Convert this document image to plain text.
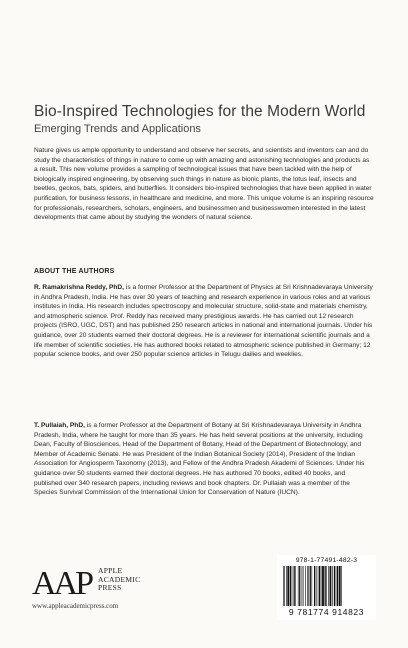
Bio-Inspired Technologies for the Modern World
Emerging Trends and Applications
Nature gives us ample opportunity to understand and observe her secrets, and scientists and inventors can and do study the characteristics of things in nature to come up with amazing and astonishing technologies and products as a result. This new volume provides a sampling of technological issues that have been tackled with the help of biologically inspired engineering, by observing such things in nature as bionic plants, the lotus leaf, insects and beetles, geckos, bats, spiders, and butterflies. It considers bio-inspired technologies that have been applied in water purification, for business lessons, in healthcare and medicine, and more. This unique volume is an inspiring resource for professionals, researchers, scholars, engineers, and businessmen and businesswomen interested in the latest developments that came about by studying the wonders of natural science.
ABOUT THE AUTHORS
R. Ramakrishna Reddy, PhD, is a former Professor at the Department of Physics at Sri Krishnadevaraya University in Andhra Pradesh, India. He has over 30 years of teaching and research experience in various roles and at various institutes in India. His research includes spectroscopy and molecular structure, solid-state and materials chemistry, and atmospheric science. Prof. Reddy has received many prestigious awards. He has carried out 12 research projects (ISRO, UGC, DST) and has published 250 research articles in national and international journals. Under his guidance, over 20 students earned their doctoral degrees. He is a reviewer for international scientific journals and a life member of scientific societies. He has authored books related to atmospheric science published in Germany; 12 popular science books, and over 250 popular science articles in Telugu dailies and weeklies.
T. Pullaiah, PhD, is a former Professor at the Department of Botany at Sri Krishnadevaraya University in Andhra Pradesh, India, where he taught for more than 35 years. He has held several positions at the university, including Dean, Faculty of Biosciences, Head of the Department of Botany, Head of the Department of Biotechnology, and Member of Academic Senate. He was President of the Indian Botanical Society (2014), President of the Indian Association for Angiosperm Taxonomy (2013), and Fellow of the Andhra Pradesh Akademi of Sciences. Under his guidance over 50 students earned their doctoral degrees. He has authored 70 books, edited 40 books, and published over 340 research papers, including reviews and book chapters. Dr. Pullaiah was a member of the Species Survival Commission of the International Union for Conservation of Nature (IUCN).
AAP APPLE
ACADEMIC
PRESS
www.appleacademicpress.com
978-1-77491-482-3
9 781774 914823
